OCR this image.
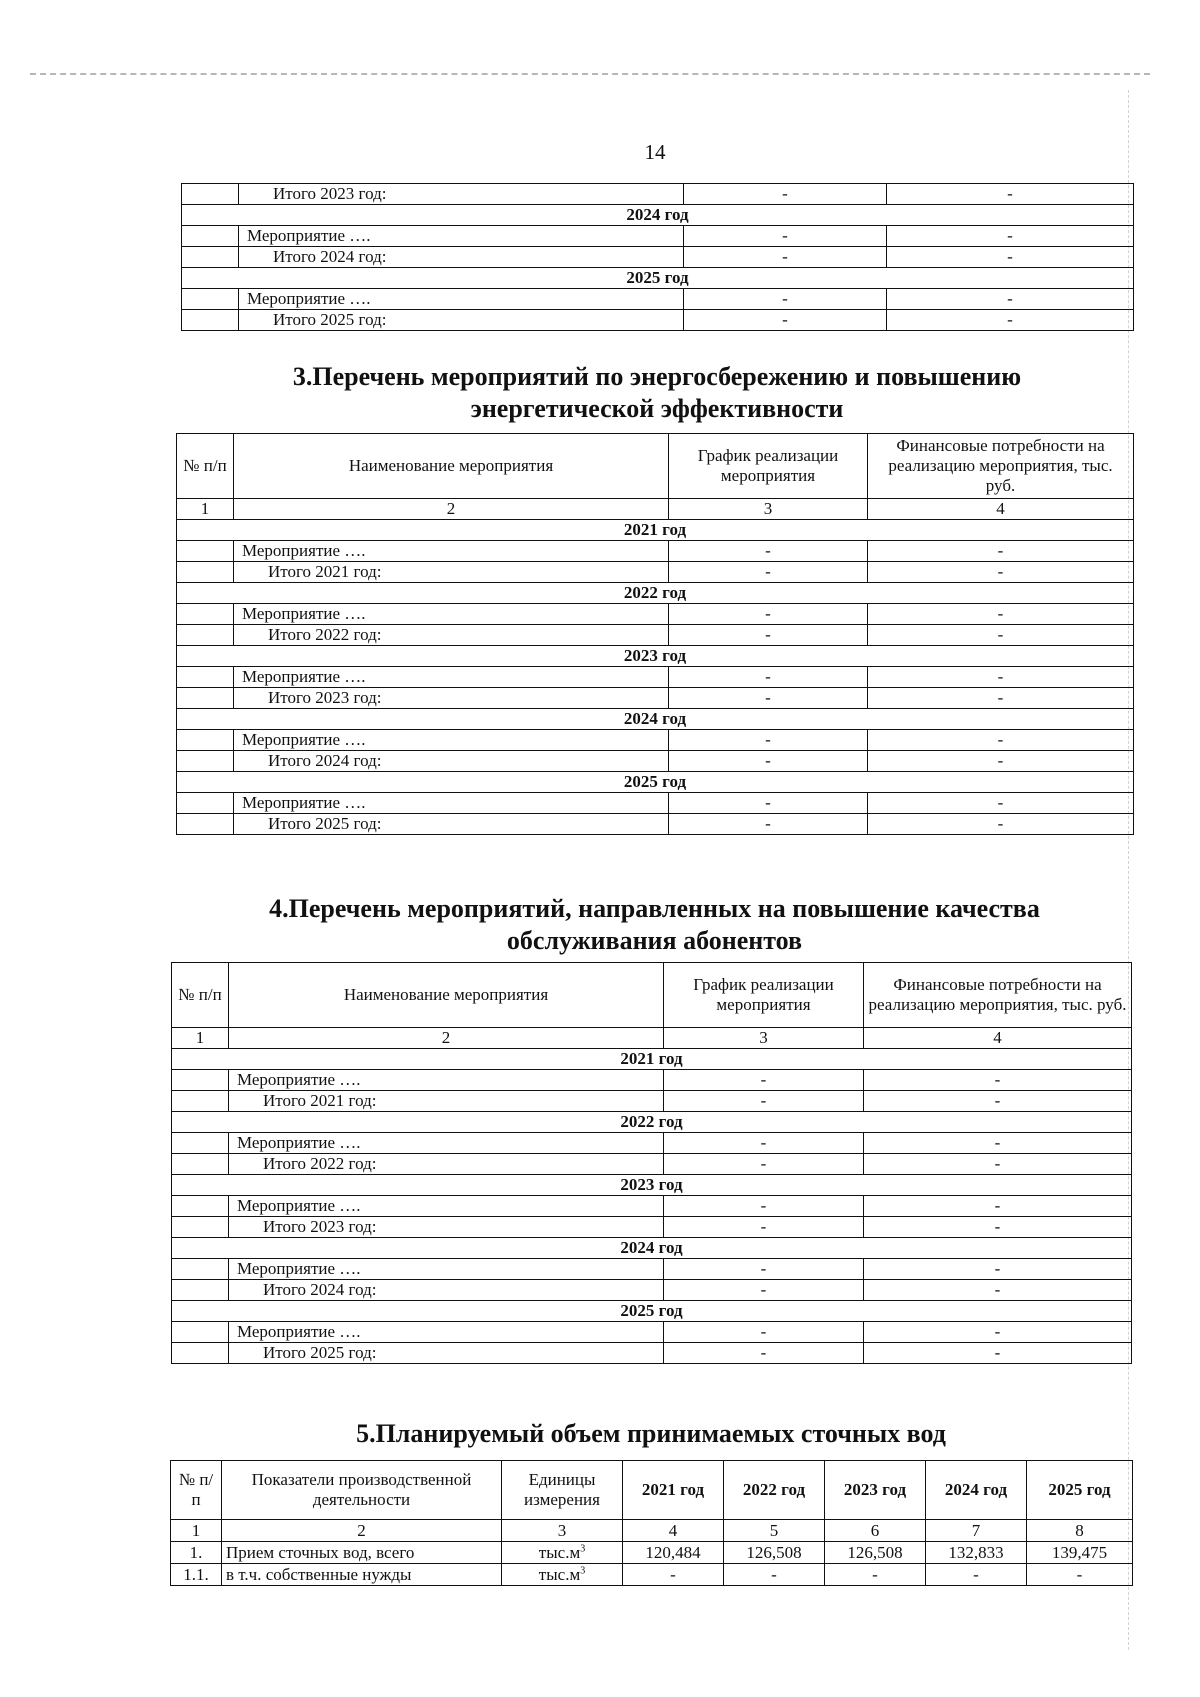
14
	Итого 2023 год:	-	-
2024 год			
	Мероприятие ….	-	-
	Итого 2024 год:	-	-
2025 год			
	Мероприятие ….	-	-
	Итого 2025 год:	-	-
3.Перечень мероприятий по энергосбережению и повышению
энергетической эффективности
№ п/п	Наименование мероприятия	График реализации мероприятия	Финансовые потребности на реализацию мероприятия, тыс. руб.
1	2	3	4
2021 год			
	Мероприятие ….	-	-
	Итого 2021 год:	-	-
2022 год			
	Мероприятие ….	-	-
	Итого 2022 год:	-	-
2023 год			
	Мероприятие ….	-	-
	Итого 2023 год:	-	-
2024 год			
	Мероприятие ….	-	-
	Итого 2024 год:	-	-
2025 год			
	Мероприятие ….	-	-
	Итого 2025 год:	-	-
4.Перечень мероприятий, направленных на повышение качества
обслуживания абонентов
№ п/п	Наименование мероприятия	График реализации мероприятия	Финансовые потребности на реализацию мероприятия, тыс. руб.
1	2	3	4
2021 год			
	Мероприятие ….	-	-
	Итого 2021 год:	-	-
2022 год			
	Мероприятие ….	-	-
	Итого 2022 год:	-	-
2023 год			
	Мероприятие ….	-	-
	Итого 2023 год:	-	-
2024 год			
	Мероприятие ….	-	-
	Итого 2024 год:	-	-
2025 год			
	Мероприятие ….	-	-
	Итого 2025 год:	-	-
5.Планируемый объем принимаемых сточных вод
№ п/п	Показатели производственной деятельности	Единицы измерения	2021 год	2022 год	2023 год	2024 год	2025 год
1	2	3	4	5	6	7	8
1.	Прием сточных вод, всего	$тыс.м^3$	120,484	126,508	126,508	132,833	139,475
1.1.	в т.ч. собственные нужды	$тыс.м^3$	-	-	-	-	-
